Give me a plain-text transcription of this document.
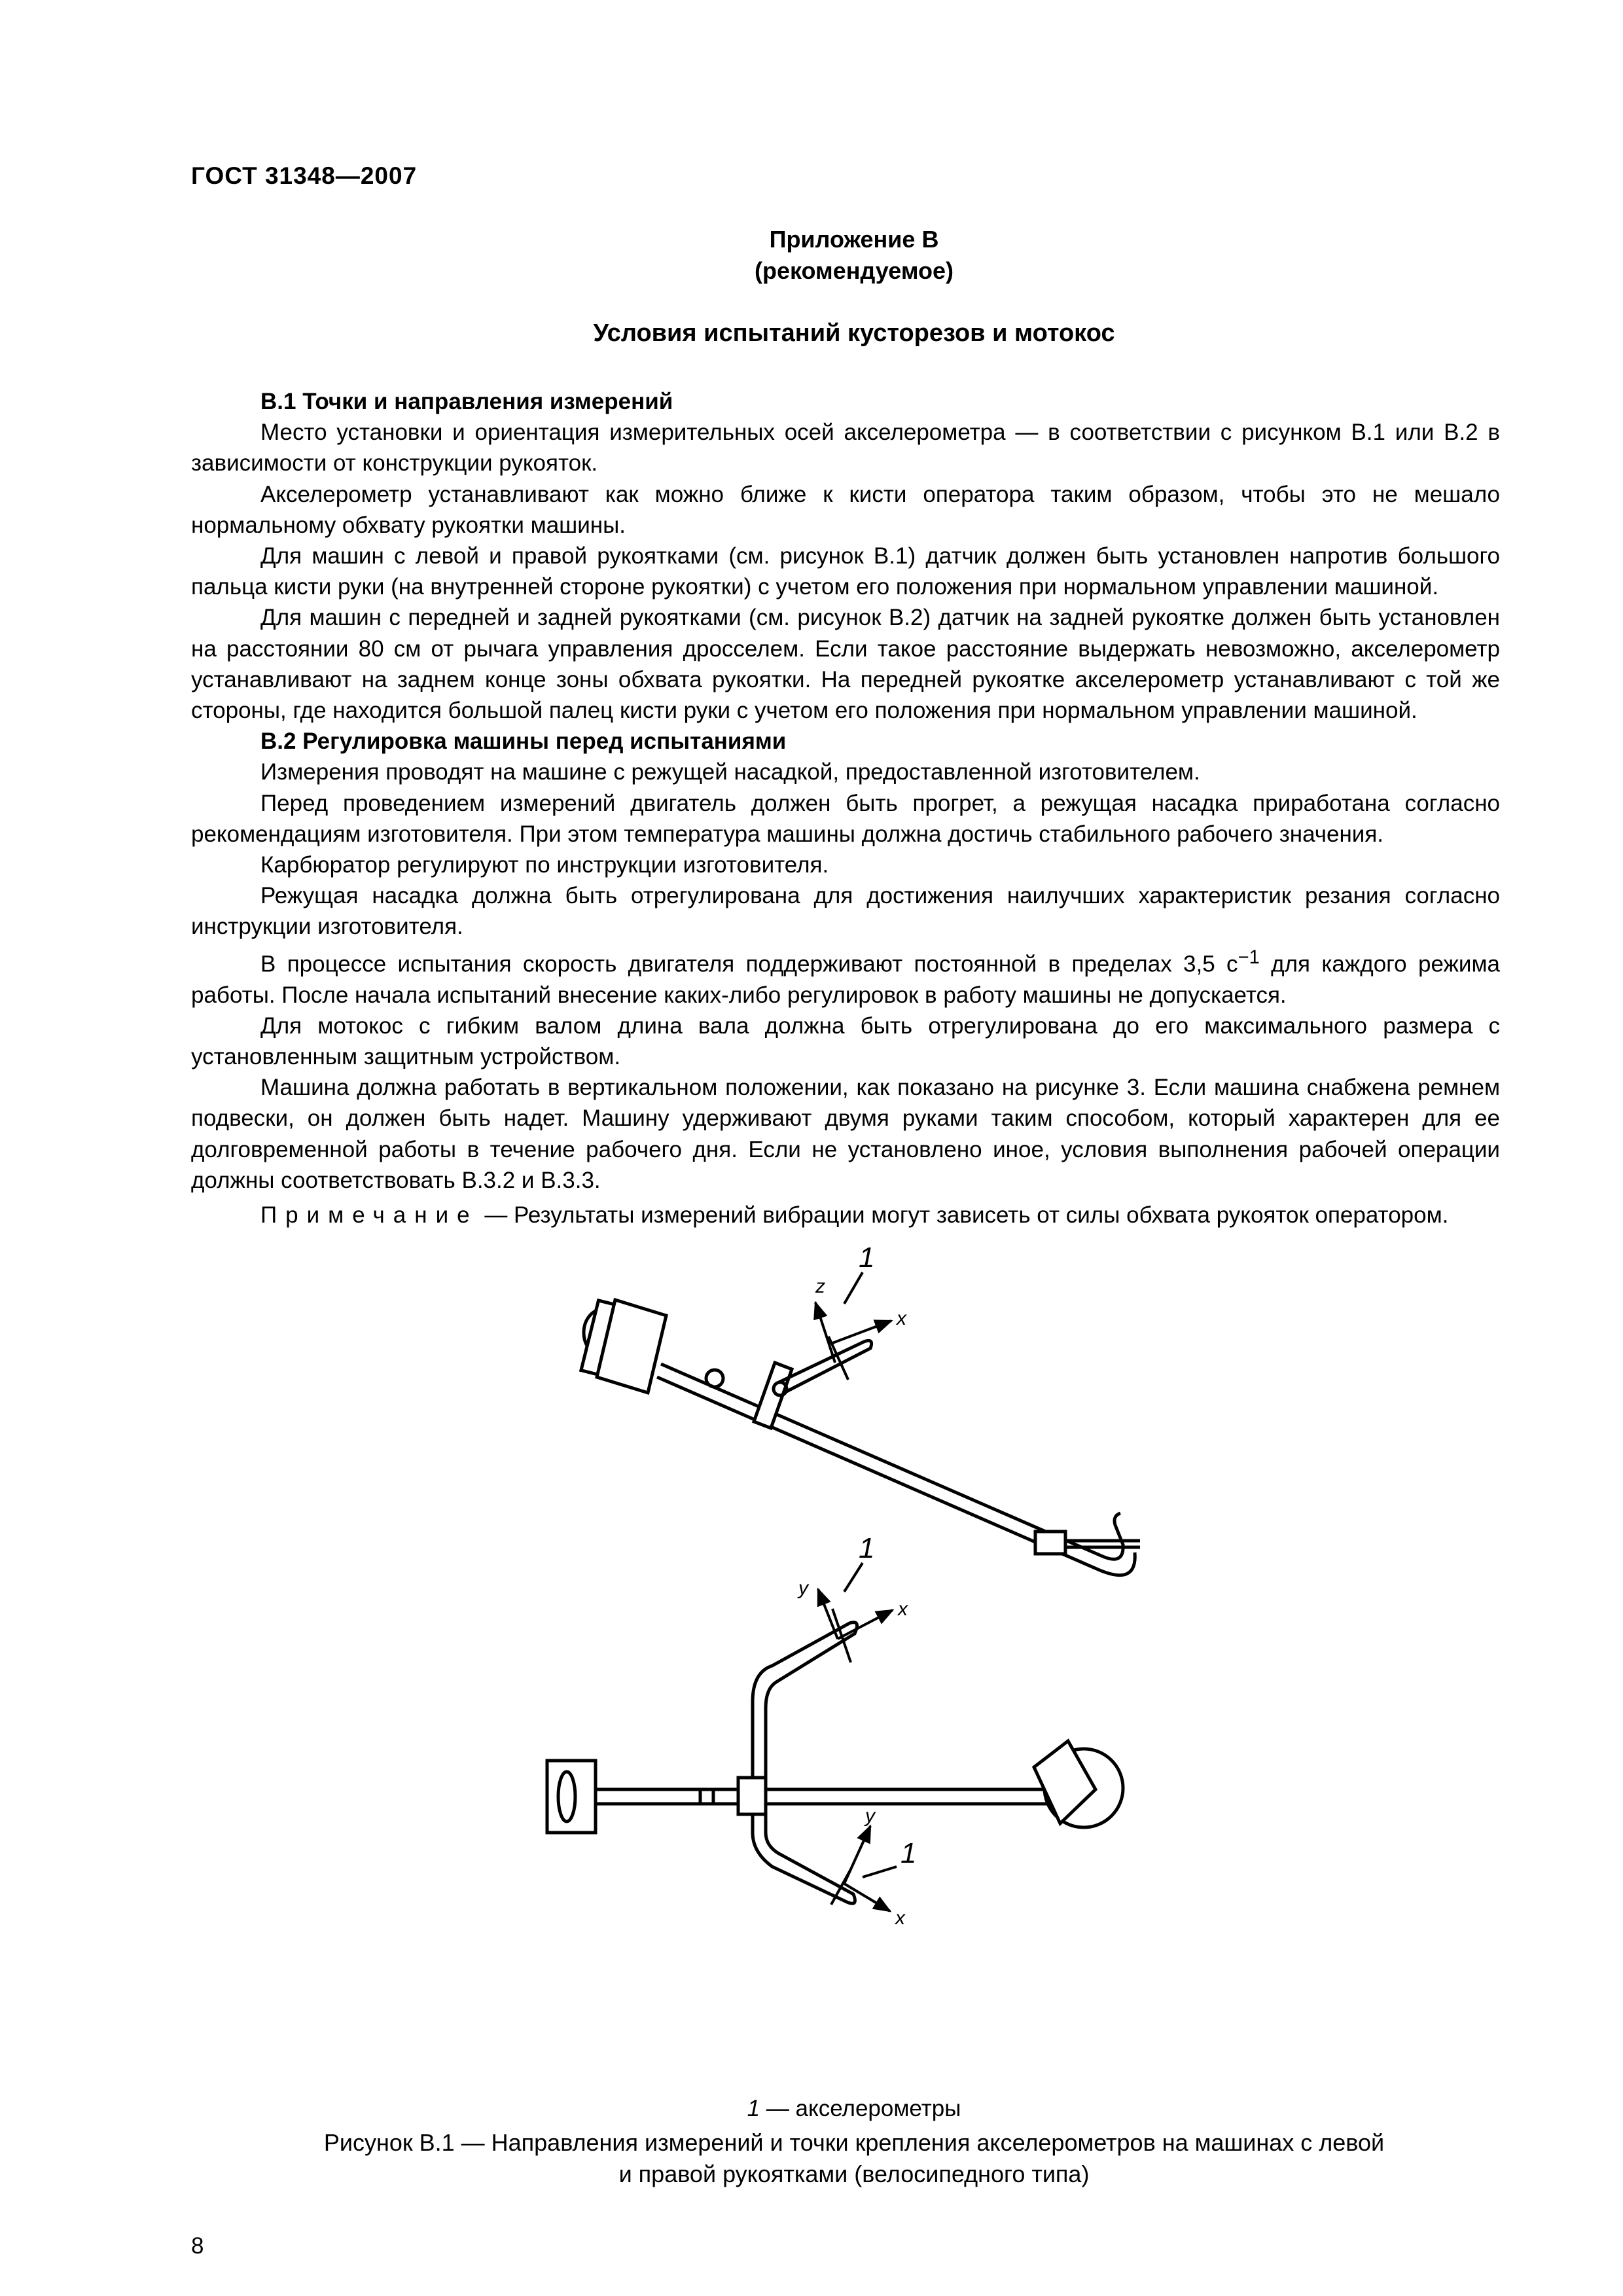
ГОСТ 31348—2007
Приложение В
(рекомендуемое)
Условия испытаний кусторезов и мотокос

В.1 Точки и направления измерений

Место установки и ориентация измерительных осей акселерометра — в соответствии с рисунком В.1 или В.2 в зависимости от конструкции рукояток.

Акселерометр устанавливают как можно ближе к кисти оператора таким образом, чтобы это не мешало нормальному обхвату рукоятки машины.

Для машин с левой и правой рукоятками (см. рисунок В.1) датчик должен быть установлен напротив большого пальца кисти руки (на внутренней стороне рукоятки) с учетом его положения при нормальном управлении машиной.

Для машин с передней и задней рукоятками (см. рисунок В.2) датчик на задней рукоятке должен быть установлен на расстоянии 80 см от рычага управления дросселем. Если такое расстояние выдержать невозможно, акселерометр устанавливают на заднем конце зоны обхвата рукоятки. На передней рукоятке акселерометр устанавливают с той же стороны, где находится большой палец кисти руки с учетом его положения при нормальном управлении машиной.

В.2 Регулировка машины перед испытаниями

Измерения проводят на машине с режущей насадкой, предоставленной изготовителем.

Перед проведением измерений двигатель должен быть прогрет, а режущая насадка приработана согласно рекомендациям изготовителя. При этом температура машины должна достичь стабильного рабочего значения.

Карбюратор регулируют по инструкции изготовителя.

Режущая насадка должна быть отрегулирована для достижения наилучших характеристик резания согласно инструкции изготовителя.

В процессе испытания скорость двигателя поддерживают постоянной в пределах 3,5 $с^{-1}$ для каждого режима работы. После начала испытаний внесение каких-либо регулировок в работу машины не допускается.

Для мотокос с гибким валом длина вала должна быть отрегулирована до его максимального размера с установленным защитным устройством.

Машина должна работать в вертикальном положении, как показано на рисунке 3. Если машина снабжена ремнем подвески, он должен быть надет. Машину удерживают двумя руками таким способом, который характерен для ее долговременной работы в течение рабочего дня. Если не установлено иное, условия выполнения рабочей операции должны соответствовать В.3.2 и В.3.3.

Примечание — Результаты измерений вибрации могут зависеть от силы обхвата рукояток оператором.

z
x
1
y
x
1
y
x
1
1 — акселерометры
Рисунок В.1 — Направления измерений и точки крепления акселерометров на машинах с левой
и правой рукоятками (велосипедного типа)
8
